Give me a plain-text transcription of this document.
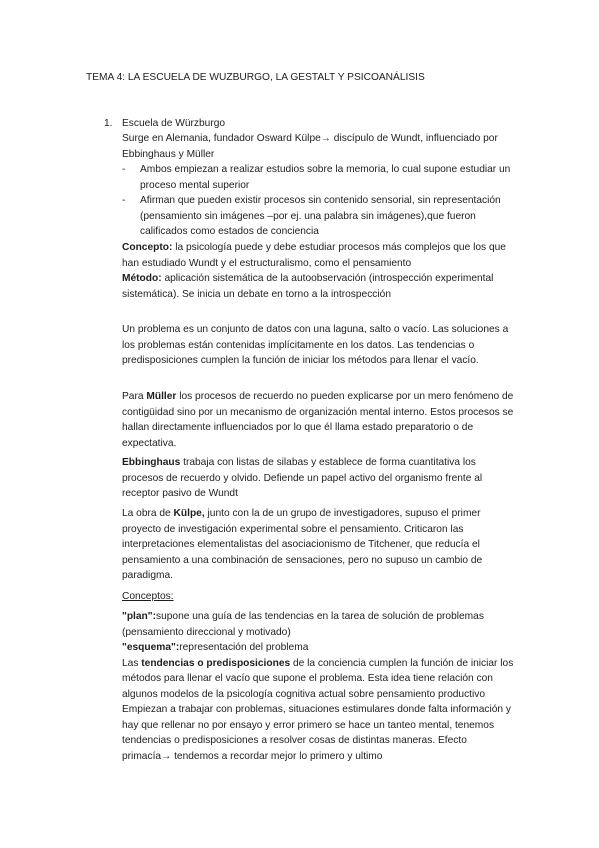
TEMA 4: LA ESCUELA DE WUZBURGO, LA GESTALT Y PSICOANÁLISIS
1. Escuela de Würzburgo

Surge en Alemania, fundador Osward Külpe→ discípulo de Wundt, influenciado por Ebbinghaus y Müller

- Ambos empiezan a realizar estudios sobre la memoria, lo cual supone estudiar un proceso mental superior
- Afirman que pueden existir procesos sin contenido sensorial, sin representación (pensamiento sin imágenes –por ej. una palabra sin imágenes),que fueron calificados como estados de conciencia

Concepto: la psicología puede y debe estudiar procesos más complejos que los que han estudiado Wundt y el estructuralismo, como el pensamiento

Método: aplicación sistemática de la autoobservación (introspección experimental sistemática). Se inicia un debate en torno a la introspección

Un problema es un conjunto de datos con una laguna, salto o vacío. Las soluciones a los problemas están contenidas implícitamente en los datos. Las tendencias o predisposiciones cumplen la función de iniciar los métodos para llenar el vacío.

Para Müller los procesos de recuerdo no pueden explicarse por un mero fenómeno de contigüidad sino por un mecanismo de organización mental interno. Estos procesos se hallan directamente influenciados por lo que él llama estado preparatorio o de expectativa.

Ebbinghaus trabaja con listas de silabas y establece de forma cuantitativa los procesos de recuerdo y olvido. Defiende un papel activo del organismo frente al receptor pasivo de Wundt

La obra de Külpe, junto con la de un grupo de investigadores, supuso el primer proyecto de investigación experimental sobre el pensamiento. Criticaron las interpretaciones elementalistas del asociacionismo de Titchener, que reducía el pensamiento a una combinación de sensaciones, pero no supuso un cambio de paradigma.

Conceptos:

"plan":supone una guía de las tendencias en la tarea de solución de problemas (pensamiento direccional y motivado)

"esquema":representación del problema

Las tendencias o predisposiciones de la conciencia cumplen la función de iniciar los métodos para llenar el vacío que supone el problema. Esta idea tiene relación con algunos modelos de la psicología cognitiva actual sobre pensamiento productivo

Empiezan a trabajar con problemas, situaciones estimulares donde falta información y hay que rellenar no por ensayo y error primero se hace un tanteo mental, tenemos tendencias o predisposiciones a resolver cosas de distintas maneras. Efecto primacía→ tendemos a recordar mejor lo primero y ultimo
